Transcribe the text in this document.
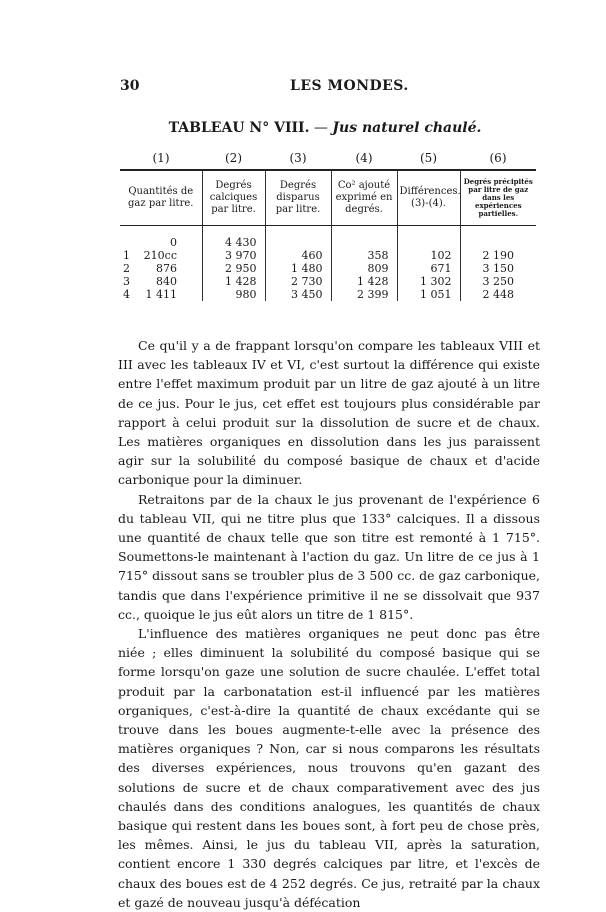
30	LES MONDES.
TABLEAU N° VIII. — Jus naturel chaulé.
(1)	(2)	(3)	(4)	(5)	(6)
Quantités de gaz par litre.	Degrés calciques par litre.	Degrés disparus par litre.	Co² ajouté exprimé en degrés.	Différences. (3)-(4).	Degrés précipités par litre de gaz dans les expériences partielles.

0	4 430				
1 210cc	3 970	460	358	102	2 190
2 876	2 950	1 480	809	671	3 150
3 840	1 428	2 730	1 428	1 302	3 250
4 1 411	980	3 450	2 399	1 051	2 448

Ce qu'il y a de frappant lorsqu'on compare les tableaux VIII et III avec les tableaux IV et VI, c'est surtout la différence qui existe entre l'effet maximum produit par un litre de gaz ajouté à un litre de ce jus. Pour le jus, cet effet est toujours plus considérable par rapport à celui produit sur la dissolution de sucre et de chaux. Les matières organiques en dissolution dans les jus paraissent agir sur la solubilité du composé basique de chaux et d'acide carbonique pour la diminuer.

Retraitons par de la chaux le jus provenant de l'expérience 6 du tableau VII, qui ne titre plus que 133° calciques. Il a dissous une quantité de chaux telle que son titre est remonté à 1 715°. Soumettons-le maintenant à l'action du gaz. Un litre de ce jus à 1 715° dissout sans se troubler plus de 3 500 cc. de gaz carbonique, tandis que dans l'expérience primitive il ne se dissolvait que 937 cc., quoique le jus eût alors un titre de 1 815°.

L'influence des matières organiques ne peut donc pas être niée ; elles diminuent la solubilité du composé basique qui se forme lorsqu'on gaze une solution de sucre chaulée. L'effet total produit par la carbonatation est-il influencé par les matières organiques, c'est-à-dire la quantité de chaux excédante qui se trouve dans les boues augmente-t-elle avec la présence des matières organiques ? Non, car si nous comparons les résultats des diverses expériences, nous trouvons qu'en gazant des solutions de sucre et de chaux comparativement avec des jus chaulés dans des conditions analogues, les quantités de chaux basique qui restent dans les boues sont, à fort peu de chose près, les mêmes. Ainsi, le jus du tableau VII, après la saturation, contient encore 1 330 degrés calciques par litre, et l'excès de chaux des boues est de 4 252 degrés. Ce jus, retraité par la chaux et gazé de nouveau jusqu'à défécation
